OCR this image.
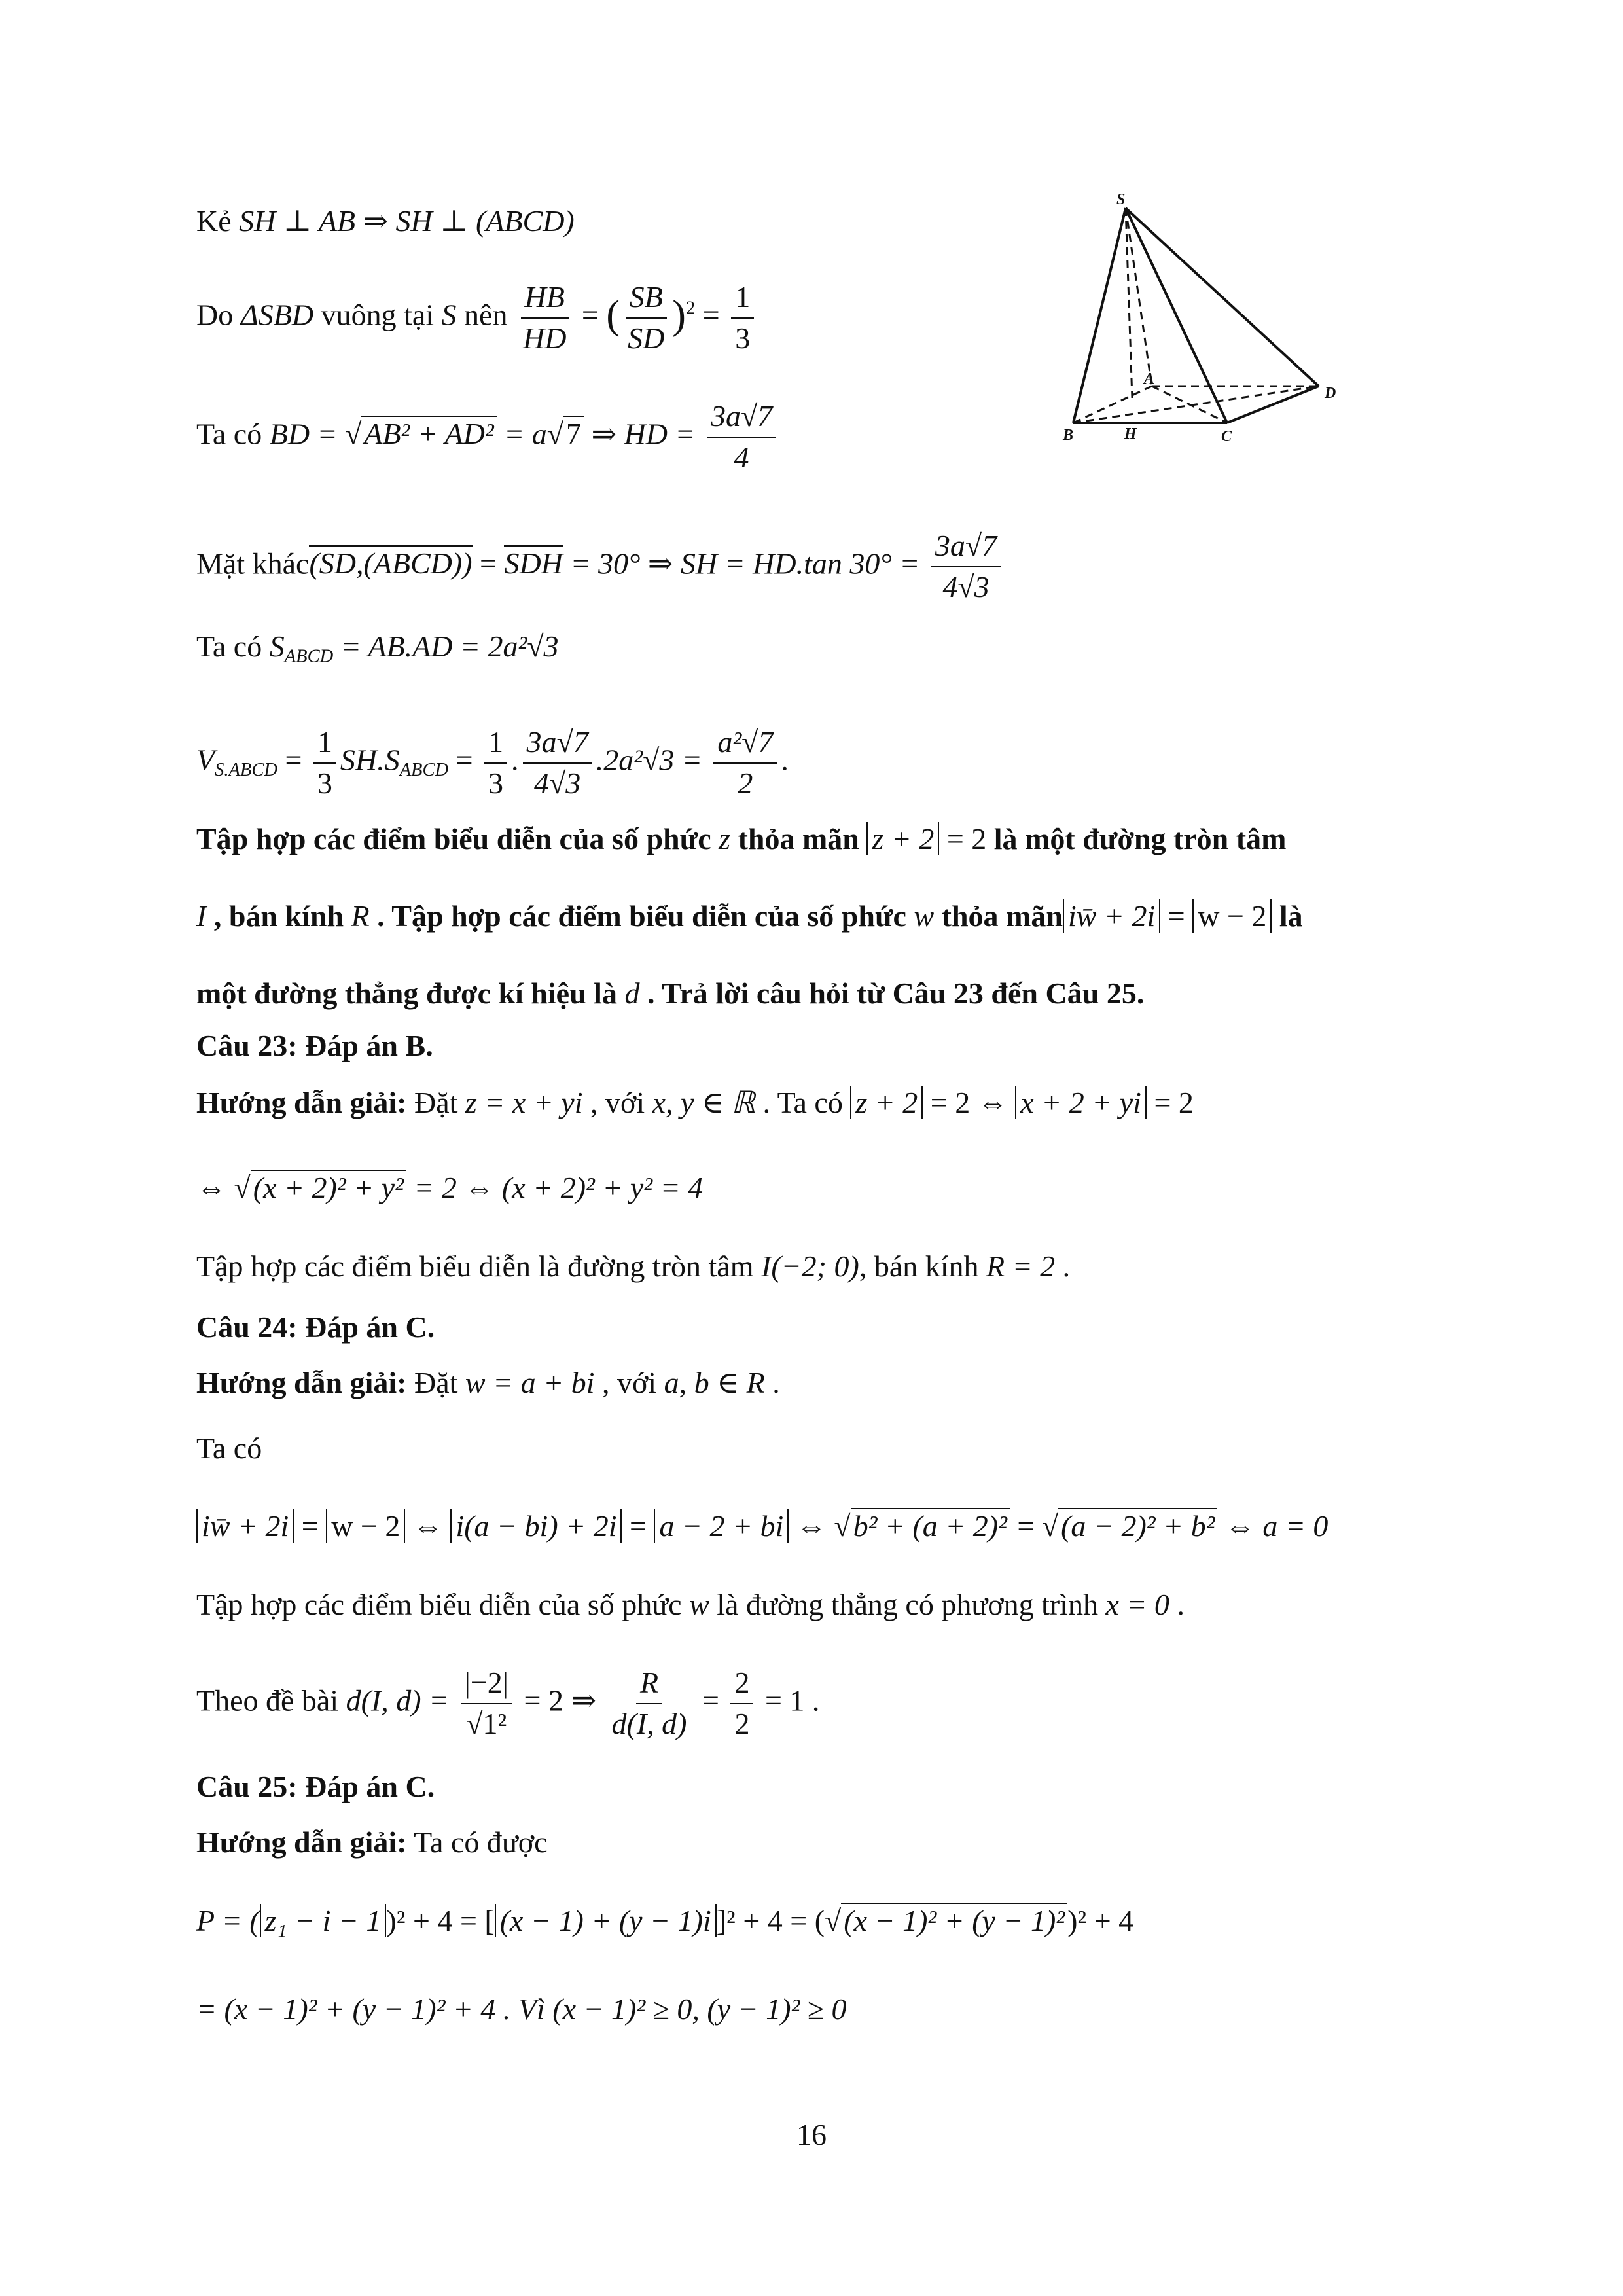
S
A
B	H	C
D
Kẻ SH ⊥ AB ⇒ SH ⊥ (ABCD)
Do ΔSBD vuông tại S nên $\frac{HB}{HD}$ = ( $\frac{SB}{SD} )^2 = \frac{1}{3}$
Ta có BD = √AB² + AD² = a√7 ⇒ HD = $\frac{3a√7}{4}$
Mặt khác(SD,(ABCD)) = SDH = 30° ⇒ SH = HD.tan $30^\circ = \frac{3a√7}{4√3}$
Ta có $S_{ABCD} = AB.AD = 2a^2√3$
$V_{S.ABCD} = \frac{1}{3} SH.S_{ABCD} = \frac{1}{3}$ . $\frac{3a√7}{4√3} .2a^2√3 = \frac{\text{a²√7}}{2}$ .
Tập hợp các điểm biểu diễn của số phức z thỏa mãn z + 2 = 2 là một đường tròn tâm
I , bán kính R . Tập hợp các điểm biểu diễn của số phức w thỏa mãn iw̄ + 2i = w − 2 là
một đường thẳng được kí hiệu là d . Trả lời câu hỏi từ Câu 23 đến Câu 25.
Câu 23: Đáp án B.
Hướng dẫn giải: Đặt z = x + yi , với x, y ∈ ℝ . Ta có z + 2 = 2 ⇔ x + 2 + yi = 2
⇔ √(x + 2)² + y² = 2 ⇔ (x + 2)² + y² = 4
Tập hợp các điểm biểu diễn là đường tròn tâm I(−2; 0), bán kính R = 2 .
Câu 24: Đáp án C.
Hướng dẫn giải: Đặt w = a + bi , với a, b ∈ R .
Ta có
iw̄ + 2i = w − 2 ⇔ i(a − bi) + 2i = a − 2 + bi ⇔ √b² + (a + 2)² = √(a − 2)² + b² ⇔ a = 0
Tập hợp các điểm biểu diễn của số phức w là đường thẳng có phương trình x = 0 .
Theo đề bài d(I, $d) = \frac{|-2|}{\text{√1²}} = 2$ ⇒ $\frac{R}{d(I, d)} = \frac{2}{2} = 1$ .
Câu 25: Đáp án C.
Hướng dẫn giải: Ta có được
P = ( z₁ − i − 1 )² + 4 = [ (x − 1) + (y − 1)i ]² + 4 = (√(x − 1)² + (y − 1)²)² + 4
= (x − 1)² + (y − 1)² + 4 . Vì (x − 1)² ≥ 0, (y − 1)² ≥ 0
16
